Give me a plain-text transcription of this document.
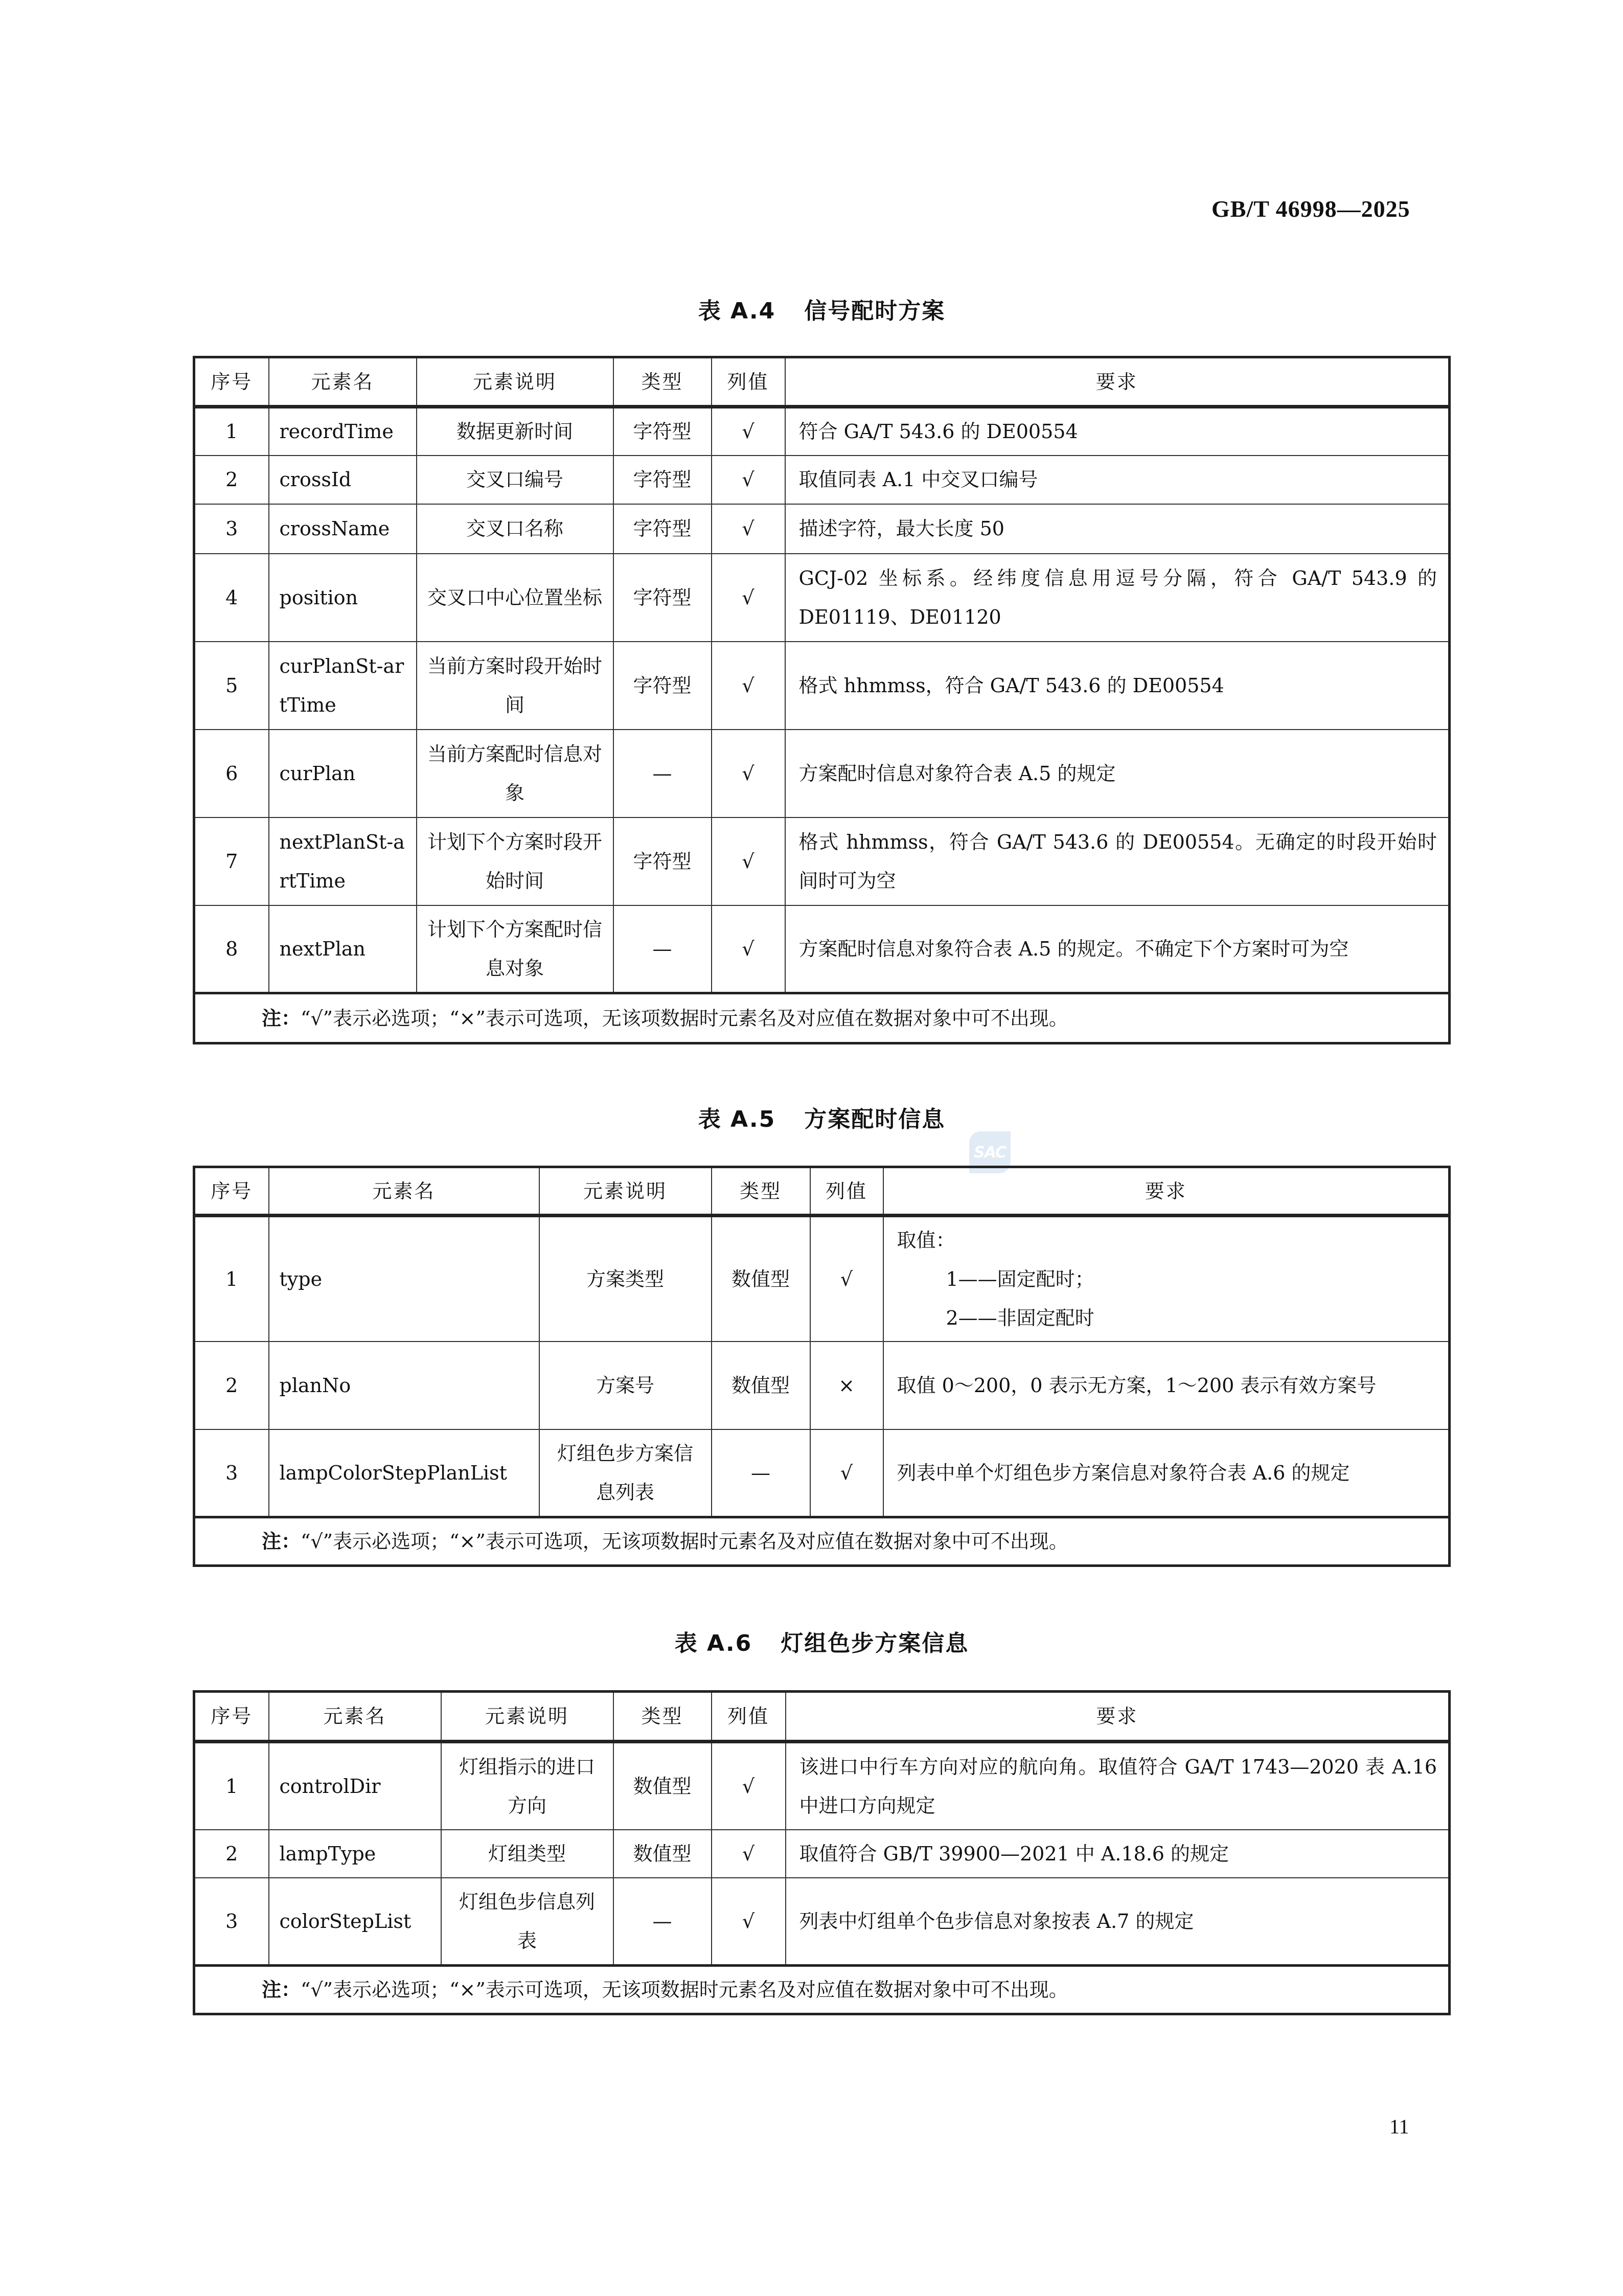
GB/T 46998—2025
表 A.4 信号配时方案
序号	元素名	元素说明	类型	列值	要求
1	recordTime	数据更新时间	字符型	√	符合 GA/T 543.6 的 DE00554
2	crossId	交叉口编号	字符型	√	取值同表 A.1 中交叉口编号
3	crossName	交叉口名称	字符型	√	描述字符，最大长度 50
4	position	交叉口中心位置坐标	字符型	√	GCJ-02 坐标系。经纬度信息用逗号分隔，符合 GA/T 543.9 的 DE01119、DE01120
5	curPlanSt-artTime	当前方案时段开始时间	字符型	√	格式 hhmmss，符合 GA/T 543.6 的 DE00554
6	curPlan	当前方案配时信息对象	—	√	方案配时信息对象符合表 A.5 的规定
7	nextPlanSt-artTime	计划下个方案时段开始时间	字符型	√	格式 hhmmss，符合 GA/T 543.6 的 DE00554。无确定的时段开始时间时可为空
8	nextPlan	计划下个方案配时信息对象	—	√	方案配时信息对象符合表 A.5 的规定。不确定下个方案时可为空
注：“√”表示必选项；“×”表示可选项，无该项数据时元素名及对应值在数据对象中可不出现。					
表 A.5 方案配时信息
SAC
序号	元素名	元素说明	类型	列值	要求
1	type	方案类型	数值型	√	取值：
1——固定配时；
2——非固定配时

2	planNo	方案号	数值型	×	取值 0～200，0 表示无方案，1～200 表示有效方案号
3	lampColorStepPlanList	灯组色步方案信息列表	—	√	列表中单个灯组色步方案信息对象符合表 A.6 的规定
注：“√”表示必选项；“×”表示可选项，无该项数据时元素名及对应值在数据对象中可不出现。					
表 A.6 灯组色步方案信息
序号	元素名	元素说明	类型	列值	要求
1	controlDir	灯组指示的进口方向	数值型	√	该进口中行车方向对应的航向角。取值符合 GA/T 1743—2020 表 A.16 中进口方向规定
2	lampType	灯组类型	数值型	√	取值符合 GB/T 39900—2021 中 A.18.6 的规定
3	colorStepList	灯组色步信息列表	—	√	列表中灯组单个色步信息对象按表 A.7 的规定
注：“√”表示必选项；“×”表示可选项，无该项数据时元素名及对应值在数据对象中可不出现。					
11
